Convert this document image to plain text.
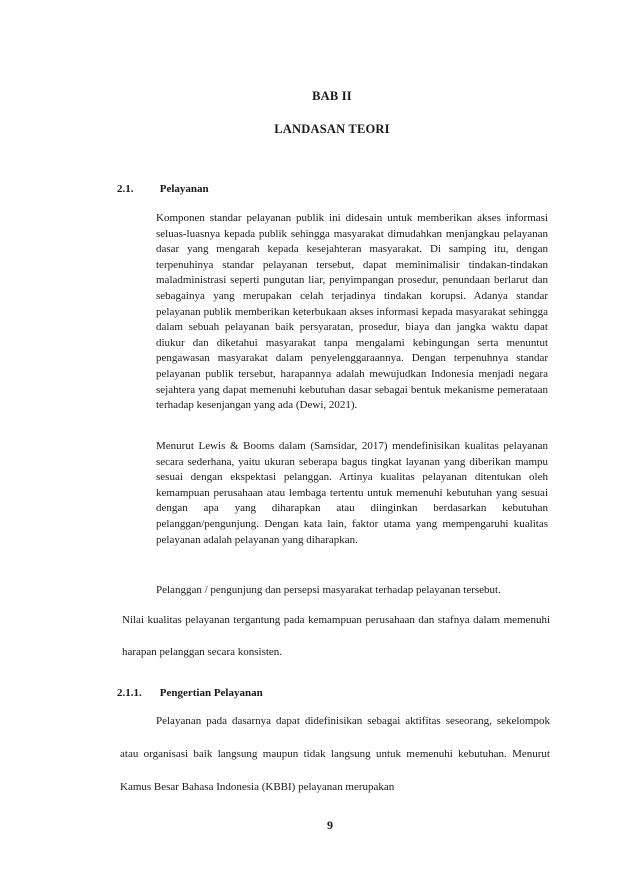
BAB II
LANDASAN TEORI
2.1. Pelayanan

Komponen standar pelayanan publik ini didesain untuk memberikan akses informasi seluas-luasnya kepada publik sehingga masyarakat dimudahkan menjangkau pelayanan dasar yang mengarah kepada kesejahteran masyarakat. Di samping itu, dengan terpenuhinya standar pelayanan tersebut, dapat meminimalisir tindakan-tindakan maladministrasi seperti pungutan liar, penyimpangan prosedur, penundaan berlarut dan sebagainya yang merupakan celah terjadinya tindakan korupsi. Adanya standar pelayanan publik memberikan keterbukaan akses informasi kepada masyarakat sehingga dalam sebuah pelayanan baik persyaratan, prosedur, biaya dan jangka waktu dapat diukur dan diketahui masyarakat tanpa mengalami kebingungan serta menuntut pengawasan masyarakat dalam penyelenggaraannya. Dengan terpenuhnya standar pelayanan publik tersebut, harapannya adalah mewujudkan Indonesia menjadi negara sejahtera yang dapat memenuhi kebutuhan dasar sebagai bentuk mekanisme pemerataan terhadap kesenjangan yang ada (Dewi, 2021).

Menurut Lewis & Booms dalam (Samsidar, 2017) mendefinisikan kualitas pelayanan secara sederhana, yaitu ukuran seberapa bagus tingkat layanan yang diberikan mampu sesuai dengan ekspektasi pelanggan. Artinya kualitas pelayanan ditentukan oleh kemampuan perusahaan atau lembaga tertentu untuk memenuhi kebutuhan yang sesuai dengan apa yang diharapkan atau diinginkan berdasarkan kebutuhan pelanggan/pengunjung. Dengan kata lain, faktor utama yang mempengaruhi kualitas pelayanan adalah pelayanan yang diharapkan.

Pelanggan / pengunjung dan persepsi masyarakat terhadap pelayanan tersebut.

Nilai kualitas pelayanan tergantung pada kemampuan perusahaan dan stafnya dalam memenuhi harapan pelanggan secara konsisten.

2.1.1. Pengertian Pelayanan

Pelayanan pada dasarnya dapat didefinisikan sebagai aktifitas seseorang, sekelompok atau organisasi baik langsung maupun tidak langsung untuk memenuhi kebutuhan. Menurut Kamus Besar Bahasa Indonesia (KBBI) pelayanan merupakan

9
